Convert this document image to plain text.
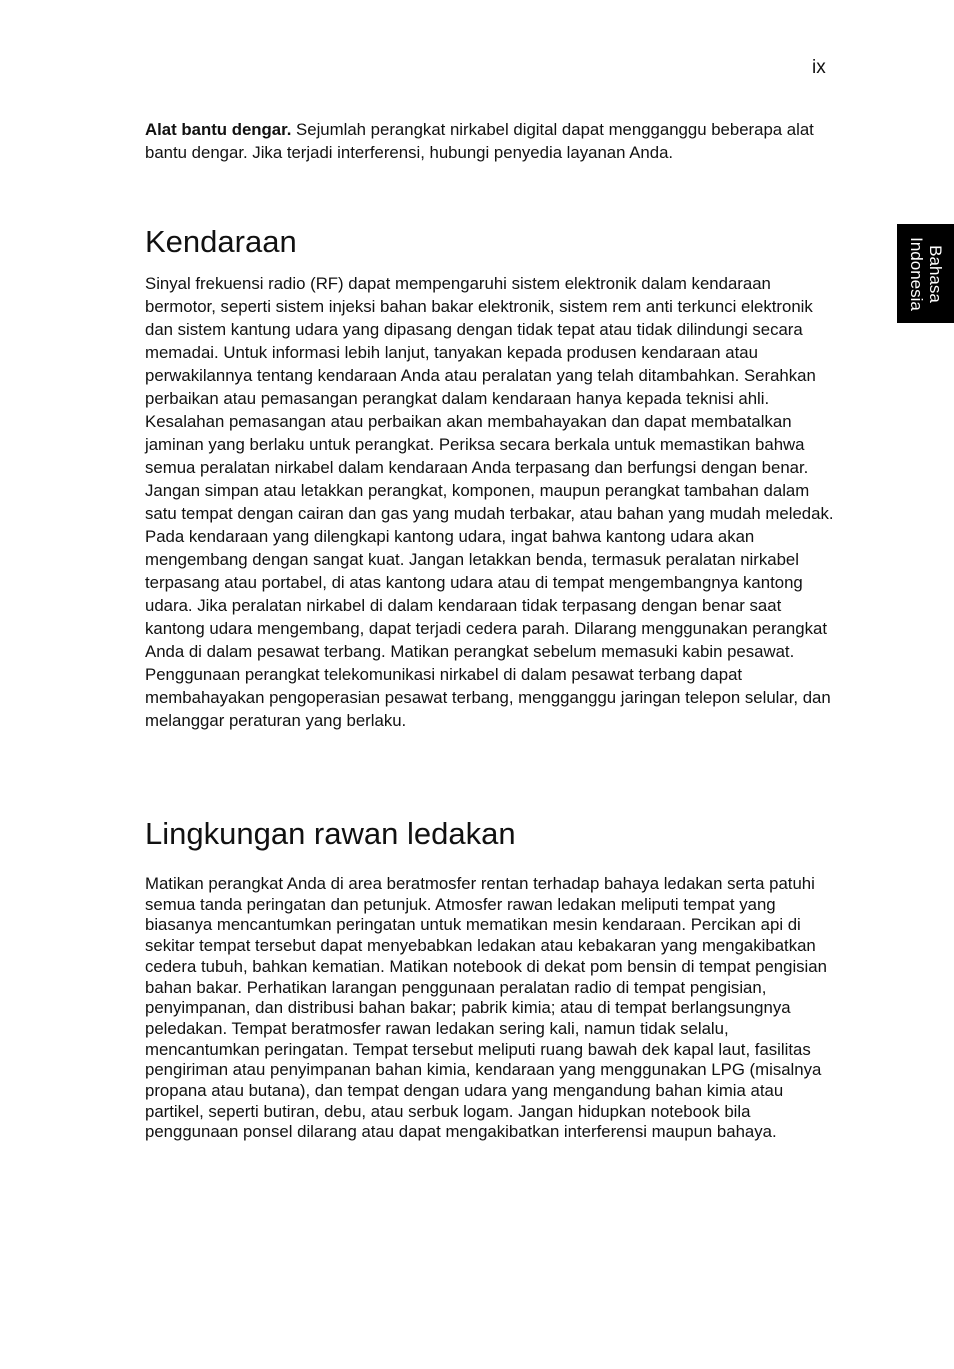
ix
Bahasa
Indonesia

Alat bantu dengar. Sejumlah perangkat nirkabel digital dapat mengganggu beberapa alat bantu dengar. Jika terjadi interferensi, hubungi penyedia layanan Anda.

Kendaraan

Sinyal frekuensi radio (RF) dapat mempengaruhi sistem elektronik dalam kendaraan bermotor, seperti sistem injeksi bahan bakar elektronik, sistem rem anti terkunci elektronik dan sistem kantung udara yang dipasang dengan tidak tepat atau tidak dilindungi secara memadai. Untuk informasi lebih lanjut, tanyakan kepada produsen kendaraan atau perwakilannya tentang kendaraan Anda atau peralatan yang telah ditambahkan. Serahkan perbaikan atau pemasangan perangkat dalam kendaraan hanya kepada teknisi ahli. Kesalahan pemasangan atau perbaikan akan membahayakan dan dapat membatalkan jaminan yang berlaku untuk perangkat. Periksa secara berkala untuk memastikan bahwa semua peralatan nirkabel dalam kendaraan Anda terpasang dan berfungsi dengan benar. Jangan simpan atau letakkan perangkat, komponen, maupun perangkat tambahan dalam satu tempat dengan cairan dan gas yang mudah terbakar, atau bahan yang mudah meledak. Pada kendaraan yang dilengkapi kantong udara, ingat bahwa kantong udara akan mengembang dengan sangat kuat. Jangan letakkan benda, termasuk peralatan nirkabel terpasang atau portabel, di atas kantong udara atau di tempat mengembangnya kantong udara. Jika peralatan nirkabel di dalam kendaraan tidak terpasang dengan benar saat kantong udara mengembang, dapat terjadi cedera parah. Dilarang menggunakan perangkat Anda di dalam pesawat terbang. Matikan perangkat sebelum memasuki kabin pesawat. Penggunaan perangkat telekomunikasi nirkabel di dalam pesawat terbang dapat membahayakan pengoperasian pesawat terbang, mengganggu jaringan telepon selular, dan melanggar peraturan yang berlaku.

Lingkungan rawan ledakan

Matikan perangkat Anda di area beratmosfer rentan terhadap bahaya ledakan serta patuhi semua tanda peringatan dan petunjuk. Atmosfer rawan ledakan meliputi tempat yang biasanya mencantumkan peringatan untuk mematikan mesin kendaraan. Percikan api di sekitar tempat tersebut dapat menyebabkan ledakan atau kebakaran yang mengakibatkan cedera tubuh, bahkan kematian. Matikan notebook di dekat pom bensin di tempat pengisian bahan bakar. Perhatikan larangan penggunaan peralatan radio di tempat pengisian, penyimpanan, dan distribusi bahan bakar; pabrik kimia; atau di tempat berlangsungnya peledakan. Tempat beratmosfer rawan ledakan sering kali, namun tidak selalu, mencantumkan peringatan. Tempat tersebut meliputi ruang bawah dek kapal laut, fasilitas pengiriman atau penyimpanan bahan kimia, kendaraan yang menggunakan LPG (misalnya propana atau butana), dan tempat dengan udara yang mengandung bahan kimia atau partikel, seperti butiran, debu, atau serbuk logam. Jangan hidupkan notebook bila penggunaan ponsel dilarang atau dapat mengakibatkan interferensi maupun bahaya.
